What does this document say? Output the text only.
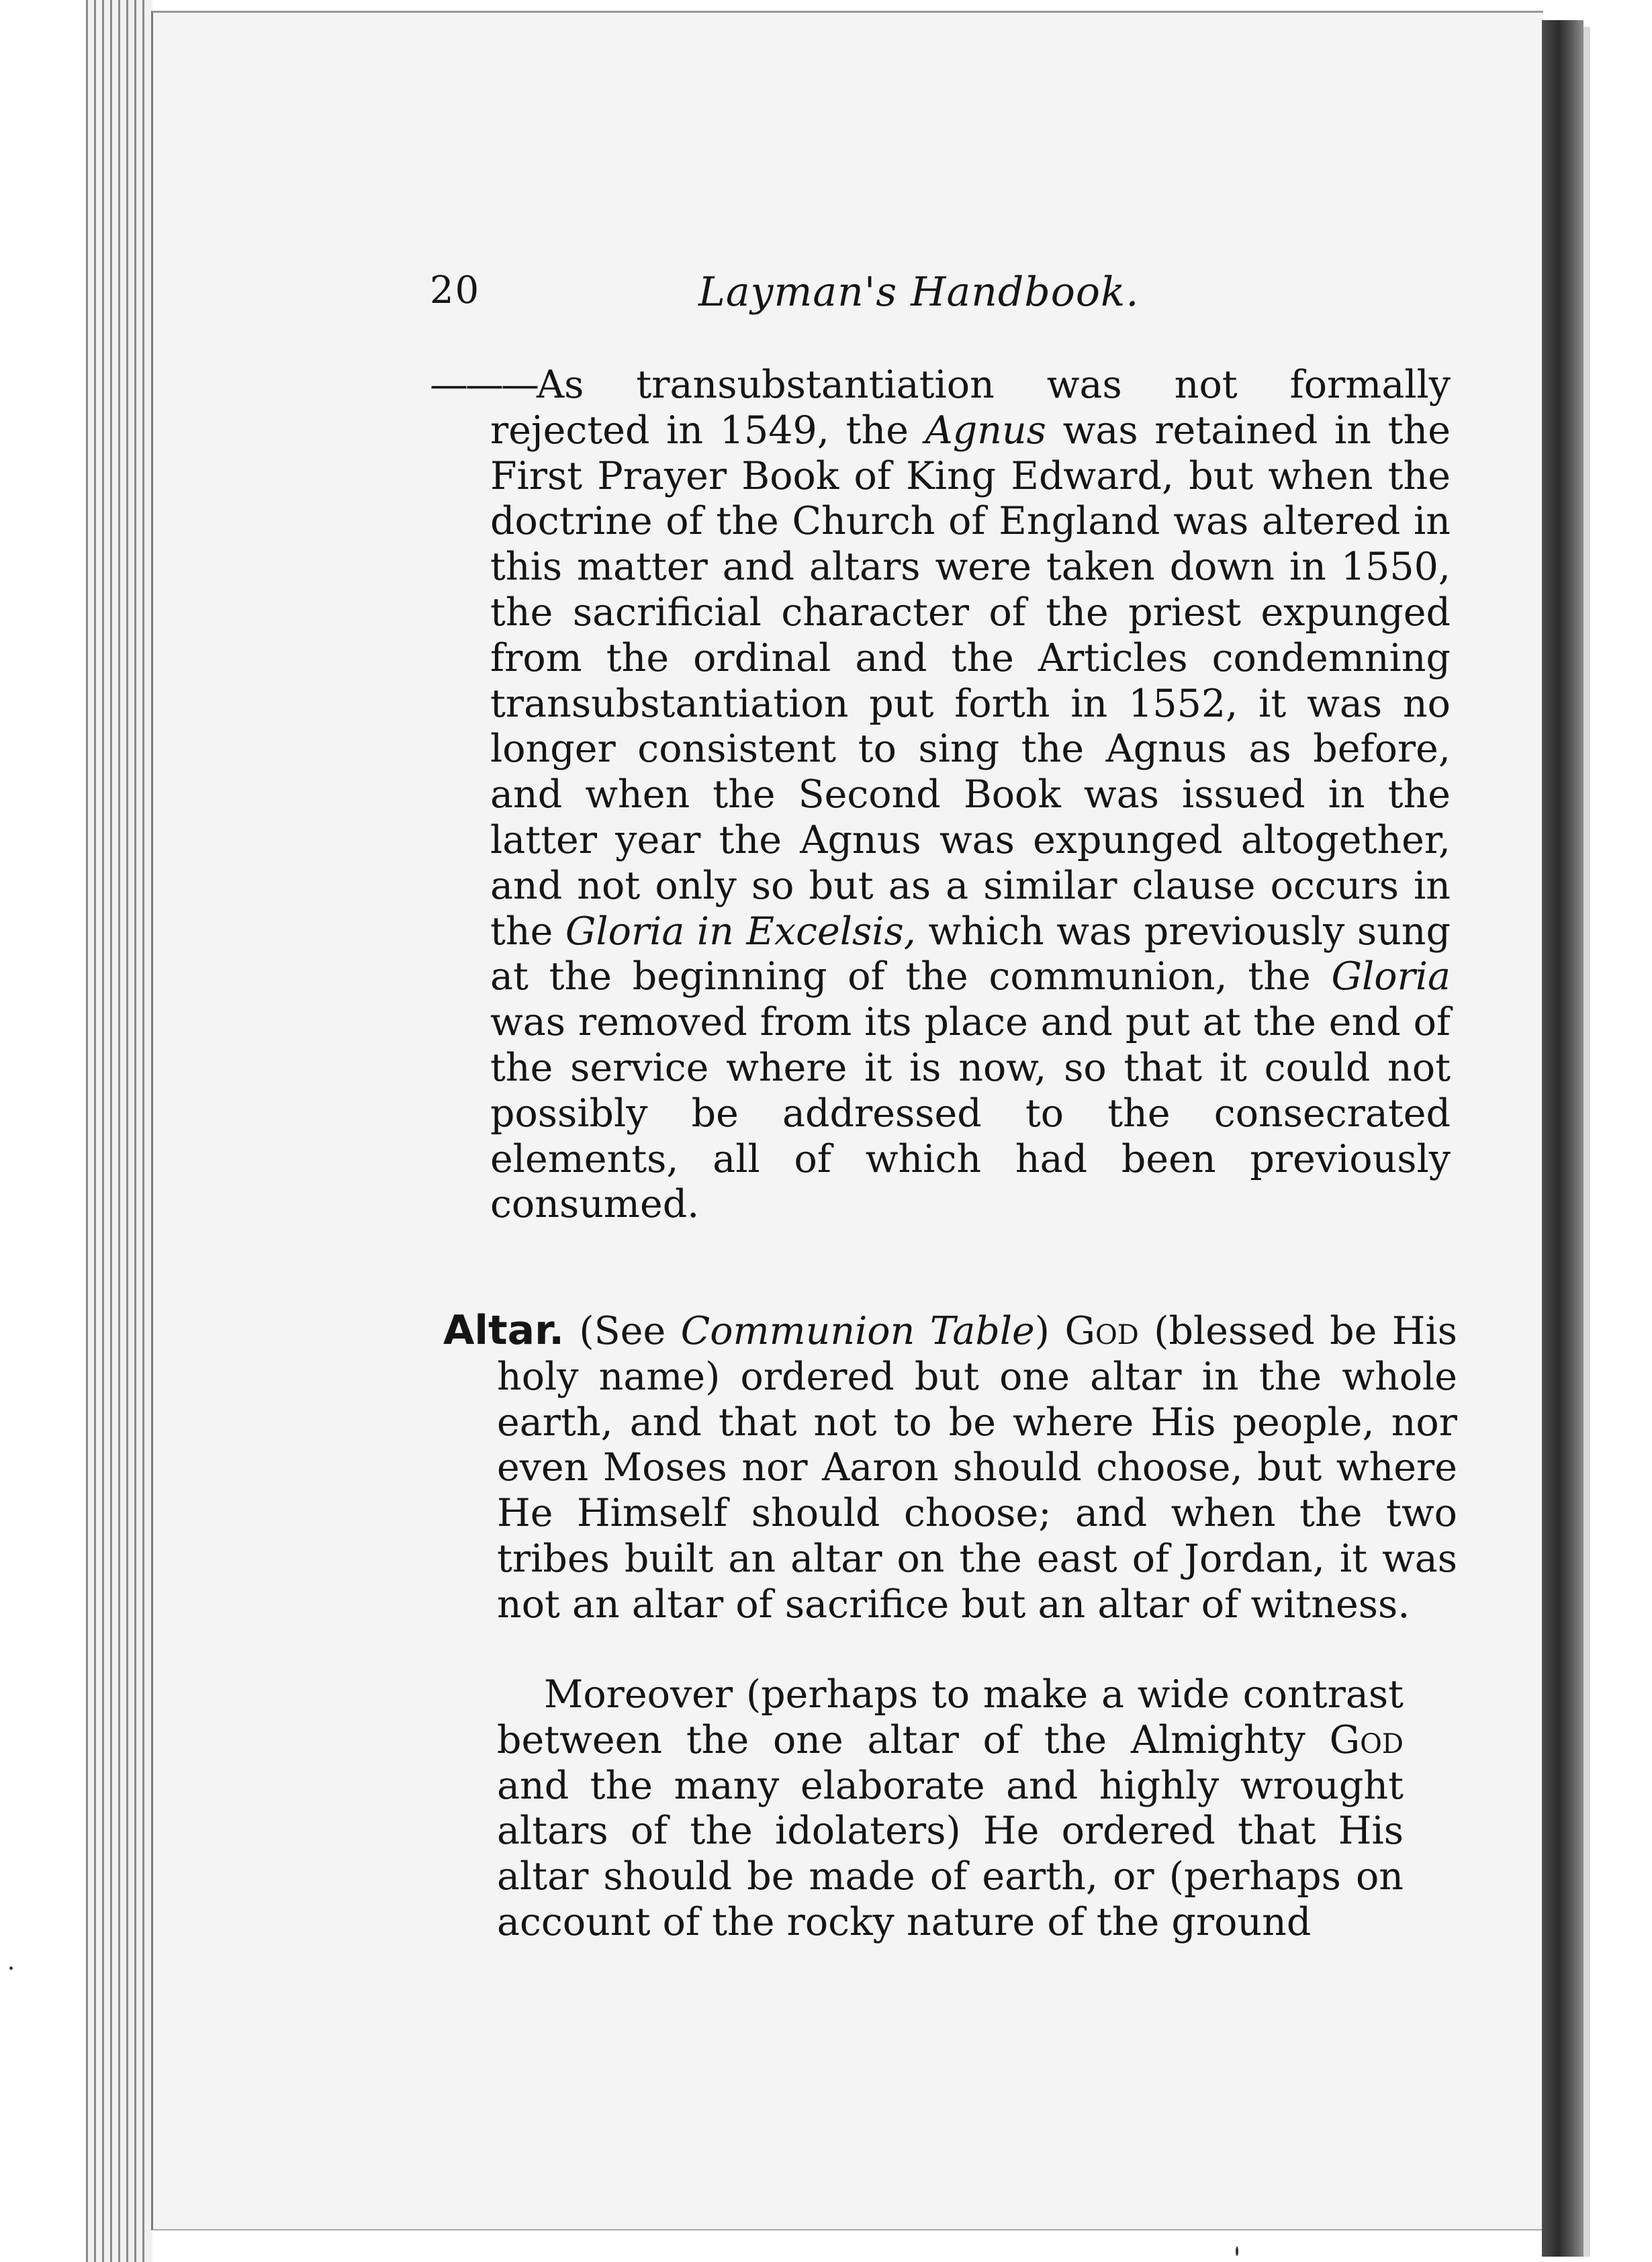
20	Layman's Handbook.
———As transubstantiation was not formally rejected in 1549, the Agnus was retained in the First Prayer Book of King Edward, but when the doctrine of the Church of England was altered in this matter and altars were taken down in 1550, the sacrificial character of the priest expunged from the ordinal and the Articles condemning transubstantiation put forth in 1552, it was no longer consistent to sing the Agnus as before, and when the Second Book was issued in the latter year the Agnus was expunged altogether, and not only so but as a similar clause occurs in the Gloria in Excelsis, which was previously sung at the beginning of the communion, the Gloria was removed from its place and put at the end of the service where it is now, so that it could not possibly be addressed to the consecrated elements, all of which had been previously consumed.
Altar. (See Communion Table) God (blessed be His holy name) ordered but one altar in the whole earth, and that not to be where His people, nor even Moses nor Aaron should choose, but where He Himself should choose; and when the two tribes built an altar on the east of Jordan, it was not an altar of sacrifice but an altar of witness.
Moreover (perhaps to make a wide contrast between the one altar of the Almighty God and the many elaborate and highly wrought altars of the idolaters) He ordered that His altar should be made of earth, or (perhaps on account of the rocky nature of the ground
